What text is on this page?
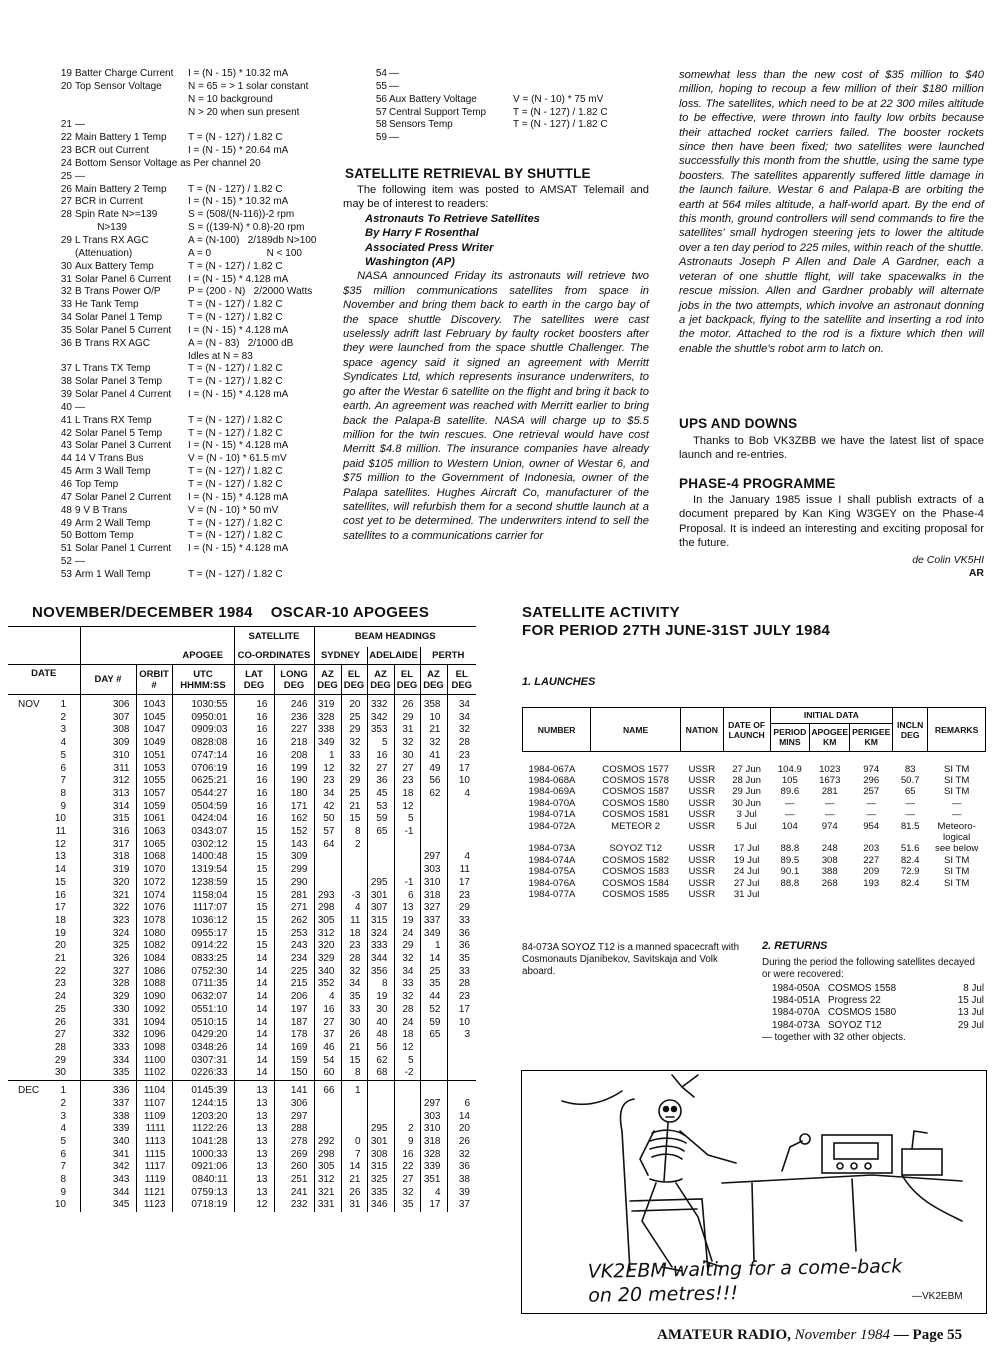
19 Batter Charge Current I = (N - 15) * 10.32 mA
20 Top Sensor Voltage	N = 65 = > 1 solar constant
N = 10 background
N > 20 when sun present
21 —
22 Main Battery 1 Temp T = (N - 127) / 1.82 C
23 BCR out Current	I = (N - 15) * 20.64 mA
24 Bottom Sensor Voltage as Per channel 20
25 —
26 Main Battery 2 Temp T = (N - 127) / 1.82 C
27 BCR in Current	I = (N - 15) * 10.32 mA
28 Spin Rate N>=139	S = (508/(N-116))-2 rpm
N>139	S = ((139-N) * 0.8)-20 rpm
29 L Trans RX AGC	A = (N-100)   2/189db N>100
(Attenuation)	A = 0                    N < 100
30 Aux Battery Temp	T = (N - 127) / 1.82 C
31 Solar Panel 6 Current I = (N - 15) * 4.128 mA
32 B Trans Power O/P	P = (200 - N)   2/2000 Watts
33 He Tank Temp	T = (N - 127) / 1.82 C
34 Solar Panel 1 Temp	T = (N - 127) / 1.82 C
35 Solar Panel 5 Current I = (N - 15) * 4.128 mA
36 B Trans RX AGC	A = (N - 83)   2/1000 dB
Idles at N = 83
37 L Trans TX Temp	T = (N - 127) / 1.82 C
38 Solar Panel 3 Temp	T = (N - 127) / 1.82 C
39 Solar Panel 4 Current I = (N - 15) * 4.128 mA
40 —
41 L Trans RX Temp	T = (N - 127) / 1.82 C
42 Solar Panel 5 Temp	T = (N - 127) / 1.82 C
43 Solar Panel 3 Current I = (N - 15) * 4.128 mA
44 14 V Trans Bus	V = (N - 10) * 61.5 mV
45 Arm 3 Wall Temp	T = (N - 127) / 1.82 C
46 Top Temp	T = (N - 127) / 1.82 C
47 Solar Panel 2 Current I = (N - 15) * 4.128 mA
48 9 V B Trans	V = (N - 10) * 50 mV
49 Arm 2 Wall Temp	T = (N - 127) / 1.82 C
50 Bottom Temp	T = (N - 127) / 1.82 C
51 Solar Panel 1 Current I = (N - 15) * 4.128 mA
52 —
53 Arm 1 Wall Temp	T = (N - 127) / 1.82 C
54 —
55 —
56 Aux Battery Voltage	V = (N - 10) * 75 mV
57 Central Support Temp	T = (N - 127) / 1.82 C
58 Sensors Temp	T = (N - 127) / 1.82 C
59 —
SATELLITE RETRIEVAL BY SHUTTLE

The following item was posted to AMSAT Telemail and may be of interest to readers:

Astronauts To Retrieve Satellites

By Harry F Rosenthal

Associated Press Writer

Washington (AP)

NASA announced Friday its astronauts will retrieve two $35 million communications satellites from space in November and bring them back to earth in the cargo bay of the space shuttle Discovery. The satellites were cast uselessly adrift last February by faulty rocket boosters after they were launched from the space shuttle Challenger. The space agency said it signed an agreement with Merritt Syndicates Ltd, which represents insurance underwriters, to go after the Westar 6 satellite on the flight and bring it back to earth. An agreement was reached with Merritt earlier to bring back the Palapa-B satellite. NASA will charge up to $5.5 million for the twin rescues. One retrieval would have cost Merritt $4.8 million. The insurance companies have already paid $105 million to Western Union, owner of Westar 6, and $75 million to the Government of Indonesia, owner of the Palapa satellites. Hughes Aircraft Co, manufacturer of the satellites, will refurbish them for a second shuttle launch at a cost yet to be determined. The underwriters intend to sell the satellites to a communications carrier for

somewhat less than the new cost of $35 million to $40 million, hoping to recoup a few million of their $180 million loss. The satellites, which need to be at 22 300 miles altitude to be effective, were thrown into faulty low orbits because their attached rocket carriers failed. The booster rockets since then have been fixed; two satellites were launched successfully this month from the shuttle, using the same type boosters. The satellites apparently suffered little damage in the launch failure. Westar 6 and Palapa-B are orbiting the earth at 564 miles altitude, a half-world apart. By the end of this month, ground controllers will send commands to fire the satellites' small hydrogen steering jets to lower the altitude over a ten day period to 225 miles, within reach of the shuttle. Astronauts Joseph P Allen and Dale A Gardner, each a veteran of one shuttle flight, will take spacewalks in the rescue mission. Allen and Gardner probably will alternate jobs in the two attempts, which involve an astronaut donning a jet backpack, flying to the satellite and inserting a rod into the motor. Attached to the rod is a fixture which then will enable the shuttle's robot arm to latch on.
UPS AND DOWNS
Thanks to Bob VK3ZBB we have the latest list of space launch and re-entries.
PHASE-4 PROGRAMME
In the January 1985 issue I shall publish extracts of a document prepared by Kan King W3GEY on the Phase-4 Proposal. It is indeed an interesting and exciting proposal for the future.
de Colin VK5HI
AR
NOVEMBER/DECEMBER 1984    OSCAR-10 APOGEES
				SATELLITE		BEAM HEADINGS					
			APOGEE	CO-ORDINATES		SYDNEY		ADELAIDE		PERTH	
DATE	DAY #	ORBIT #	UTC HHMM:SS	LAT DEG	LONG DEG	AZ DEG	EL DEG	AZ DEG	EL DEG	AZ DEG	EL DEG
NOV 1	306	1043	1030:55	16	246	319	20	332	26	358	34
2	307	1045	0950:01	16	236	328	25	342	29	10	34
3	308	1047	0909:03	16	227	338	29	353	31	21	32
4	309	1049	0828:08	16	218	349	32	5	32	32	28
5	310	1051	0747:14	16	208	1	33	16	30	41	23
6	311	1053	0706:19	16	199	12	32	27	27	49	17
7	312	1055	0625:21	16	190	23	29	36	23	56	10
8	313	1057	0544:27	16	180	34	25	45	18	62	4
9	314	1059	0504:59	16	171	42	21	53	12		
10	315	1061	0424:04	16	162	50	15	59	5		
11	316	1063	0343:07	15	152	57	8	65	-1		
12	317	1065	0302:12	15	143	64	2				
13	318	1068	1400:48	15	309					297	4
14	319	1070	1319:54	15	299					303	11
15	320	1072	1238:59	15	290			295	-1	310	17
16	321	1074	1158:04	15	281	293	-3	301	6	318	23
17	322	1076	1117:07	15	271	298	4	307	13	327	29
18	323	1078	1036:12	15	262	305	11	315	19	337	33
19	324	1080	0955:17	15	253	312	18	324	24	349	36
20	325	1082	0914:22	15	243	320	23	333	29	1	36
21	326	1084	0833:25	14	234	329	28	344	32	14	35
22	327	1086	0752:30	14	225	340	32	356	34	25	33
23	328	1088	0711:35	14	215	352	34	8	33	35	28
24	329	1090	0632:07	14	206	4	35	19	32	44	23
25	330	1092	0551:10	14	197	16	33	30	28	52	17
26	331	1094	0510:15	14	187	27	30	40	24	59	10
27	332	1096	0429:20	14	178	37	26	48	18	65	3
28	333	1098	0348:26	14	169	46	21	56	12		
29	334	1100	0307:31	14	159	54	15	62	5		
30	335	1102	0226:33	14	150	60	8	68	-2		
DEC 1	336	1104	0145:39	13	141	66	1				
2	337	1107	1244:15	13	306					297	6
3	338	1109	1203:20	13	297					303	14
4	339	1111	1122:26	13	288			295	2	310	20
5	340	1113	1041:28	13	278	292	0	301	9	318	26
6	341	1115	1000:33	13	269	298	7	308	16	328	32
7	342	1117	0921:06	13	260	305	14	315	22	339	36
8	343	1119	0840:11	13	251	312	21	325	27	351	38
9	344	1121	0759:13	13	241	321	26	335	32	4	39
10	345	1123	0718:19	12	232	331	31	346	35	17	37
SATELLITE ACTIVITY
FOR PERIOD 27TH JUNE-31ST JULY 1984
1. LAUNCHES
NUMBER	NAME	NATION	DATE OF LAUNCH	INITIAL DATA			INCLN DEG	REMARKS
				PERIOD MINS	APOGEE KM	PERIGEE KM		

1984-067A	COSMOS 1577	USSR	27 Jun	104.9	1023	974	83	SI TM
1984-068A	COSMOS 1578	USSR	28 Jun	105	1673	296	50.7	SI TM
1984-069A	COSMOS 1587	USSR	29 Jun	89.6	281	257	65	SI TM
1984-070A	COSMOS 1580	USSR	30 Jun	—	—	—	—	—
1984-071A	COSMOS 1581	USSR	3 Jul	—	—	—	—	—
1984-072A	METEOR 2	USSR	5 Jul	104	974	954	81.5	Meteoro-
								logical
1984-073A	SOYOZ T12	USSR	17 Jul	88.8	248	203	51.6	see below
1984-074A	COSMOS 1582	USSR	19 Jul	89.5	308	227	82.4	SI TM
1984-075A	COSMOS 1583	USSR	24 Jul	90.1	388	209	72.9	SI TM
1984-076A	COSMOS 1584	USSR	27 Jul	88.8	268	193	82.4	SI TM
1984-077A	COSMOS 1585	USSR	31 Jul					
84-073A SOYOZ T12 is a manned spacecraft with Cosmonauts Djanibekov, Savitskaja and Volk aboard.
2. RETURNS
During the period the following satellites decayed or were recovered:
1984-050A COSMOS 1558	8 Jul
1984-051A Progress 22	15 Jul
1984-070A COSMOS 1580	13 Jul
1984-073A SOYOZ T12	29 Jul
— together with 32 other objects.
VK2EBM waiting for a come-back on 20 metres!!!	—VK2EBM
AMATEUR RADIO, November 1984 — Page 55
